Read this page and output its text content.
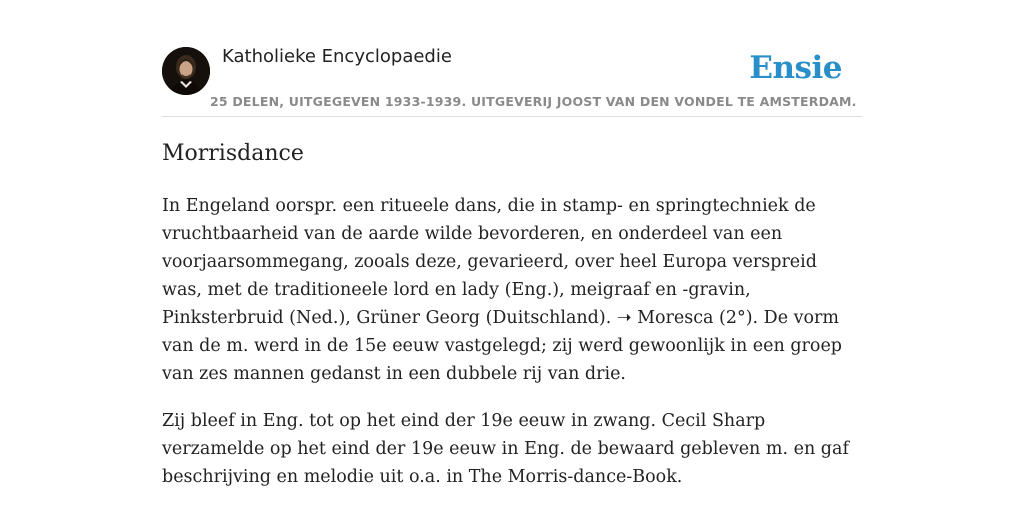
Katholieke Encyclopaedie	Ensie
25 DELEN, UITGEGEVEN 1933-1939. UITGEVERIJ JOOST VAN DEN VONDEL TE AMSTERDAM.
Morrisdance

In Engeland oorspr. een ritueele dans, die in stamp- en springtechniek de vruchtbaarheid van de aarde wilde bevorderen, en onderdeel van een voorjaarsommegang, zooals deze, gevarieerd, over heel Europa verspreid was, met de traditioneele lord en lady (Eng.), meigraaf en -gravin, Pinksterbruid (Ned.), Grüner Georg (Duitschland). ➝ Moresca (2°). De vorm van de m. werd in de 15e eeuw vastgelegd; zij werd gewoonlijk in een groep van zes mannen gedanst in een dubbele rij van drie.

Zij bleef in Eng. tot op het eind der 19e eeuw in zwang. Cecil Sharp verzamelde op het eind der 19e eeuw in Eng. de bewaard gebleven m. en gaf beschrijving en melodie uit o.a. in The Morris-dance-Book.
